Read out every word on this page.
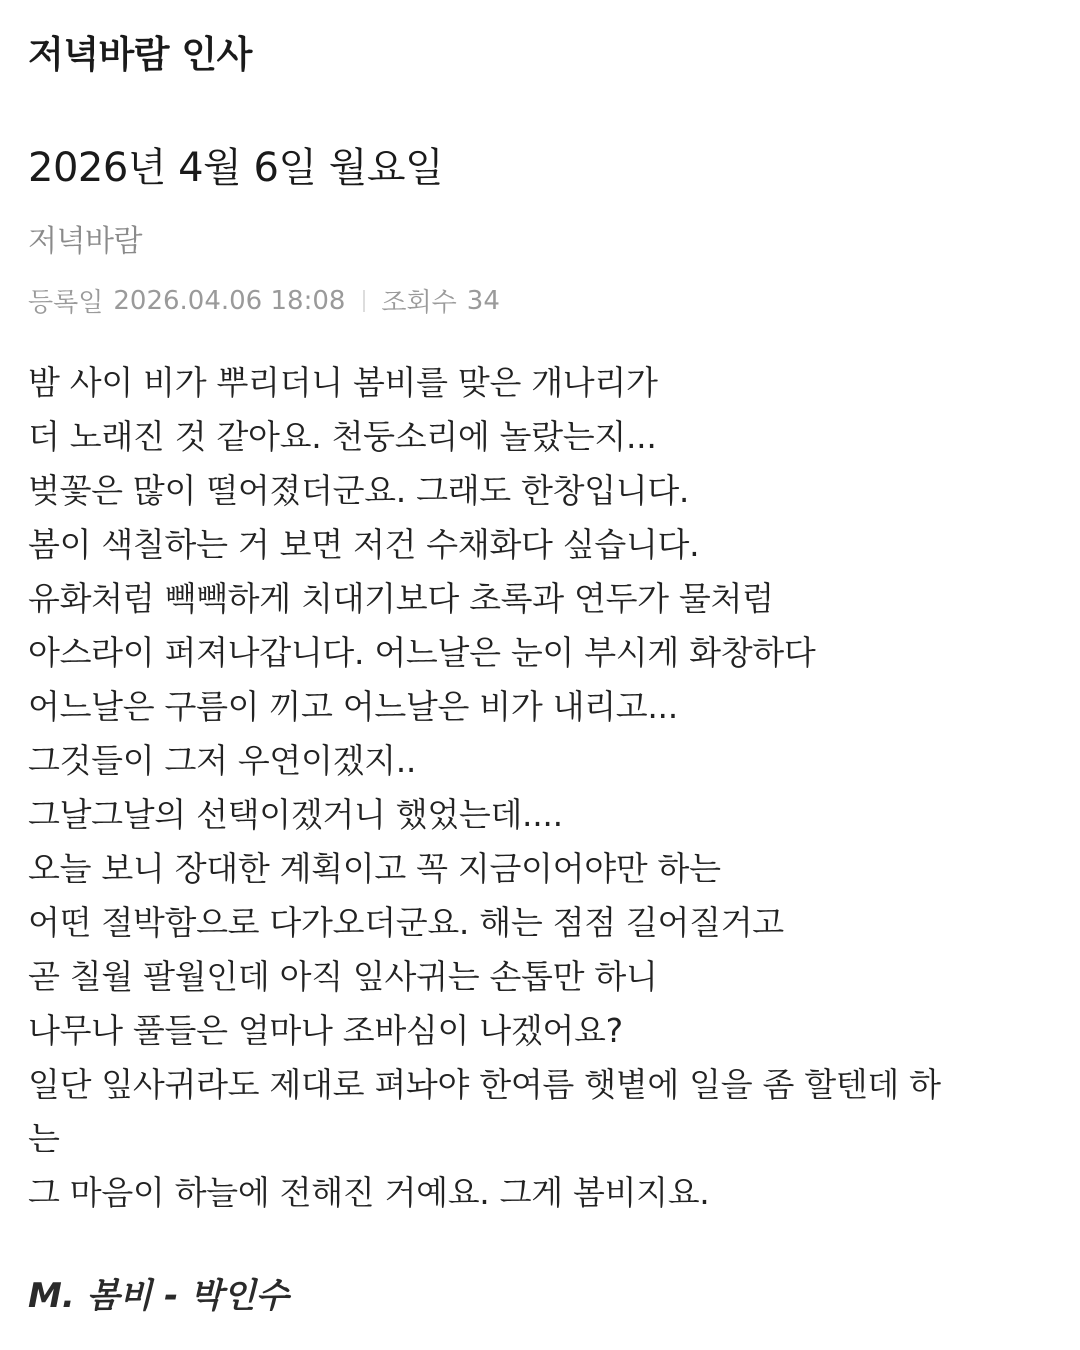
저녁바람 인사
2026년 4월 6일 월요일
저녁바람
등록일 2026.04.06 18:08 조회수 34
밤 사이 비가 뿌리더니 봄비를 맞은 개나리가
더 노래진 것 같아요. 천둥소리에 놀랐는지...
벚꽃은 많이 떨어졌더군요. 그래도 한창입니다.
봄이 색칠하는 거 보면 저건 수채화다 싶습니다.
유화처럼 빽빽하게 치대기보다 초록과 연두가 물처럼
아스라이 퍼져나갑니다. 어느날은 눈이 부시게 화창하다
어느날은 구름이 끼고 어느날은 비가 내리고...
그것들이 그저 우연이겠지..
그날그날의 선택이겠거니 했었는데....
오늘 보니 장대한 계획이고 꼭 지금이어야만 하는
어떤 절박함으로 다가오더군요. 해는 점점 길어질거고
곧 칠월 팔월인데 아직 잎사귀는 손톱만 하니
나무나 풀들은 얼마나 조바심이 나겠어요?
일단 잎사귀라도 제대로 펴놔야 한여름 햇볕에 일을 좀 할텐데 하
는
그 마음이 하늘에 전해진 거예요. 그게 봄비지요.
M. 봄비 - 박인수
